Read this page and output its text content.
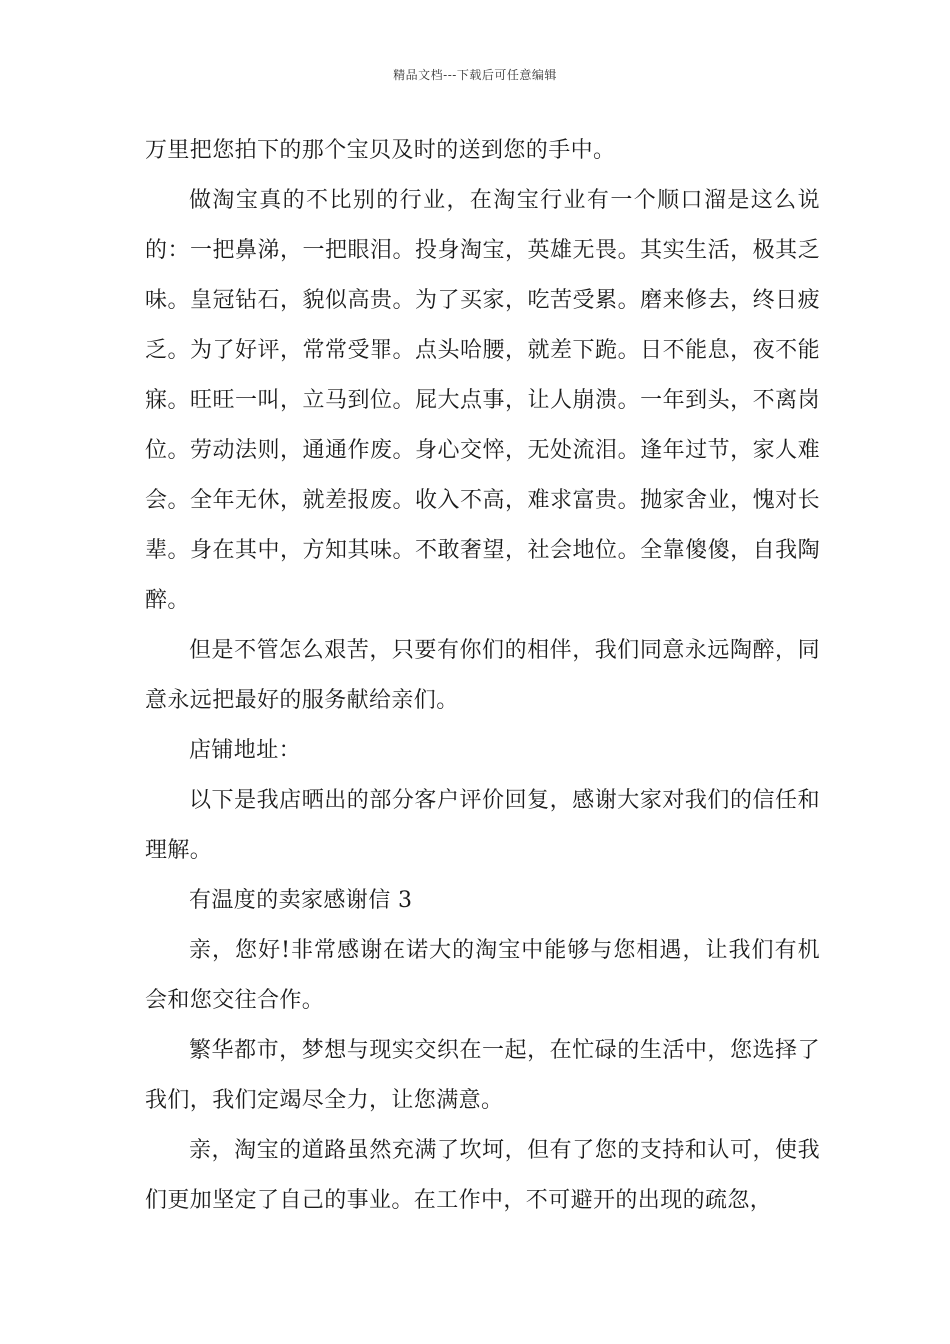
精品文档---下载后可任意编辑

万里把您拍下的那个宝贝及时的送到您的手中。

做淘宝真的不比别的行业，在淘宝行业有一个顺口溜是这么说的：一把鼻涕，一把眼泪。投身淘宝，英雄无畏。其实生活，极其乏味。皇冠钻石，貌似高贵。为了买家，吃苦受累。磨来修去，终日疲乏。为了好评，常常受罪。点头哈腰，就差下跪。日不能息，夜不能寐。旺旺一叫，立马到位。屁大点事，让人崩溃。一年到头，不离岗位。劳动法则，通通作废。身心交悴，无处流泪。逢年过节，家人难会。全年无休，就差报废。收入不高，难求富贵。抛家舍业，愧对长辈。身在其中，方知其味。不敢奢望，社会地位。全靠傻傻，自我陶醉。

但是不管怎么艰苦，只要有你们的相伴，我们同意永远陶醉，同意永远把最好的服务献给亲们。

店铺地址：

以下是我店晒出的部分客户评价回复，感谢大家对我们的信任和理解。

有温度的卖家感谢信 3

亲，您好!非常感谢在诺大的淘宝中能够与您相遇，让我们有机会和您交往合作。

繁华都市，梦想与现实交织在一起，在忙碌的生活中，您选择了我们，我们定竭尽全力，让您满意。

亲，淘宝的道路虽然充满了坎坷，但有了您的支持和认可，使我们更加坚定了自己的事业。在工作中，不可避开的出现的疏忽，
